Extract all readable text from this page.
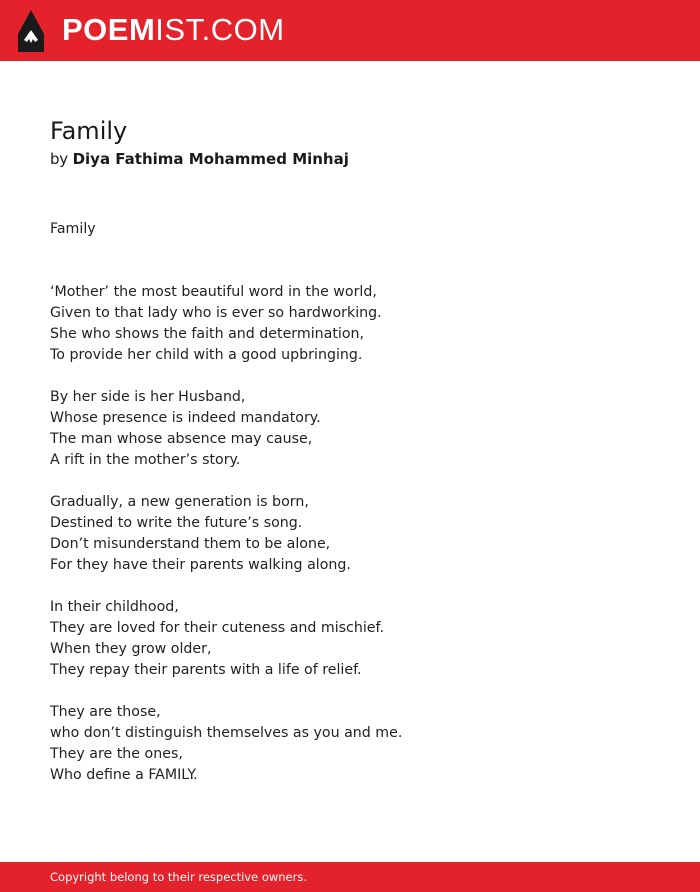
POEMIST.COM
Family
by Diya Fathima Mohammed Minhaj
Family
‘Mother’ the most beautiful word in the world,
Given to that lady who is ever so hardworking.
She who shows the faith and determination,
To provide her child with a good upbringing.
By her side is her Husband,
Whose presence is indeed mandatory.
The man whose absence may cause,
A rift in the mother’s story.
Gradually, a new generation is born,
Destined to write the future’s song.
Don’t misunderstand them to be alone,
For they have their parents walking along.
In their childhood,
They are loved for their cuteness and mischief.
When they grow older,
They repay their parents with a life of relief.
They are those,
who don’t distinguish themselves as you and me.
They are the ones,
Who define a FAMILY.
Copyright belong to their respective owners.
